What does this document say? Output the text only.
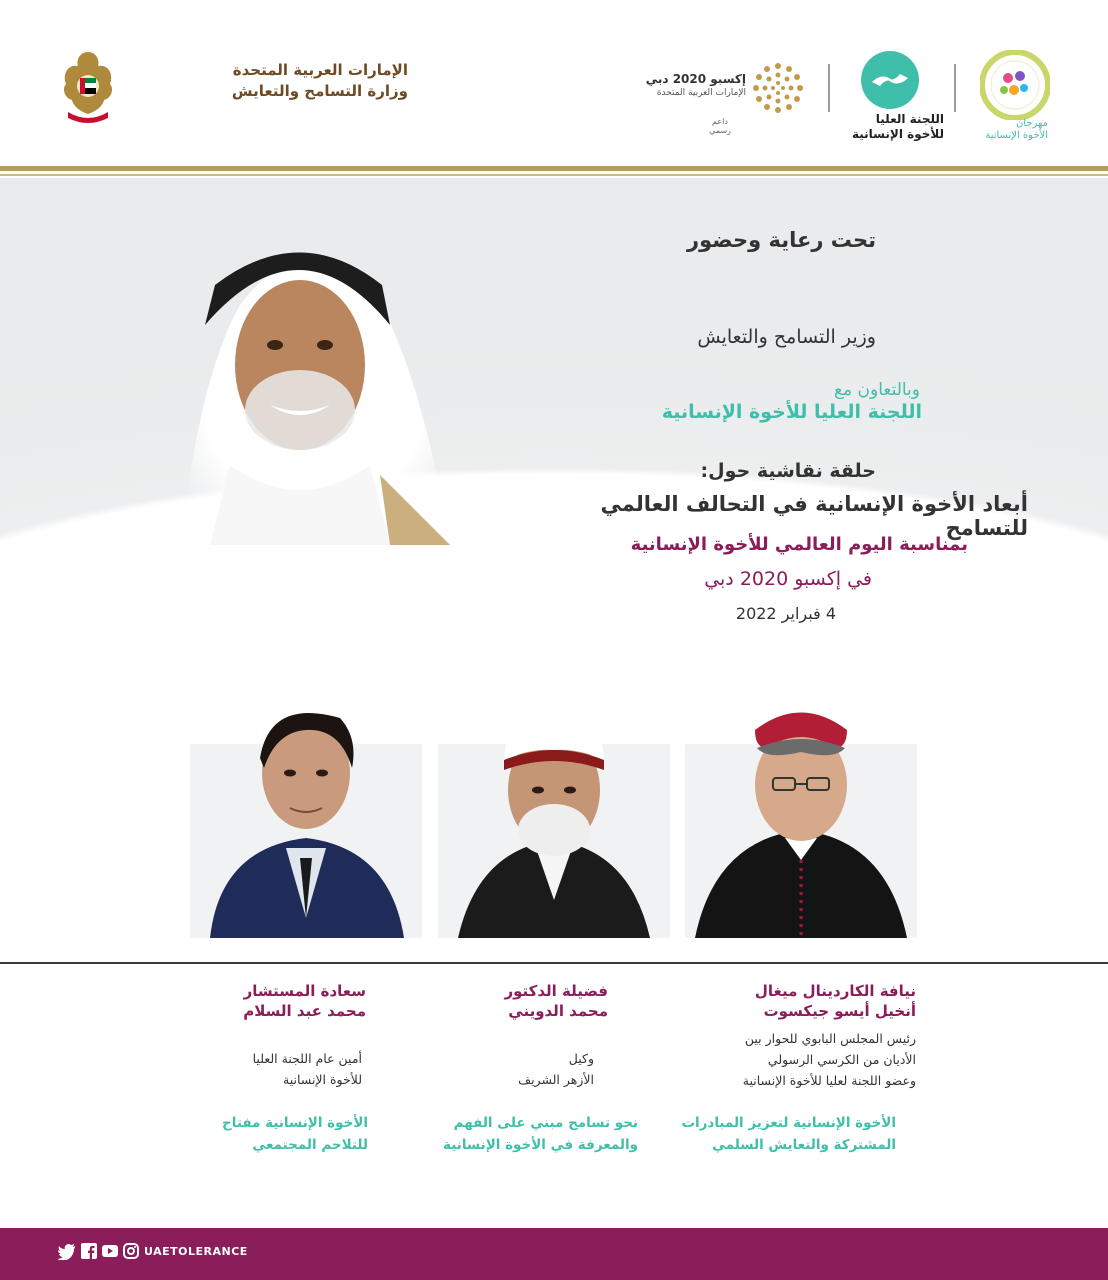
الإمارات العربية المتحدة
وزارة التسامح والتعايش
إكسبو 2020 دبي
الإمارات العربية المتحدة
داعم رسمي
اللجنة العليا
للأخوة الإنسانية
مهرجان
الأخوة الإنسانية
تحت رعاية وحضور
وزير التسامح والتعايش
وبالتعاون مع
اللجنة العليا للأخوة الإنسانية
حلقة نقاشية حول:
أبعاد الأخوة الإنسانية في التحالف العالمي للتسامح
بمناسبة اليوم العالمي للأخوة الإنسانية
في إكسبو 2020 دبي
4 فبراير 2022
نيافة الكاردينال ميغال
أنخيل أيسو جيكسوت
رئيس المجلس البابوي للحوار بين
الأديان من الكرسي الرسولي
وعضو اللجنة لعليا للأخوة الإنسانية
الأخوة الإنسانية لتعزيز المبادرات
المشتركة والتعايش السلمي
فضيلة الدكتور
محمد الدويني
وكيل
الأزهر الشريف
نحو تسامح مبني على الفهم
والمعرفة في الأخوة الإنسانية
سعادة المستشار
محمد عبد السلام
أمين عام اللجنة العليا
للأخوة الإنسانية
الأخوة الإنسانية مفتاح
للتلاحم المجتمعي
UAETOLERANCE
